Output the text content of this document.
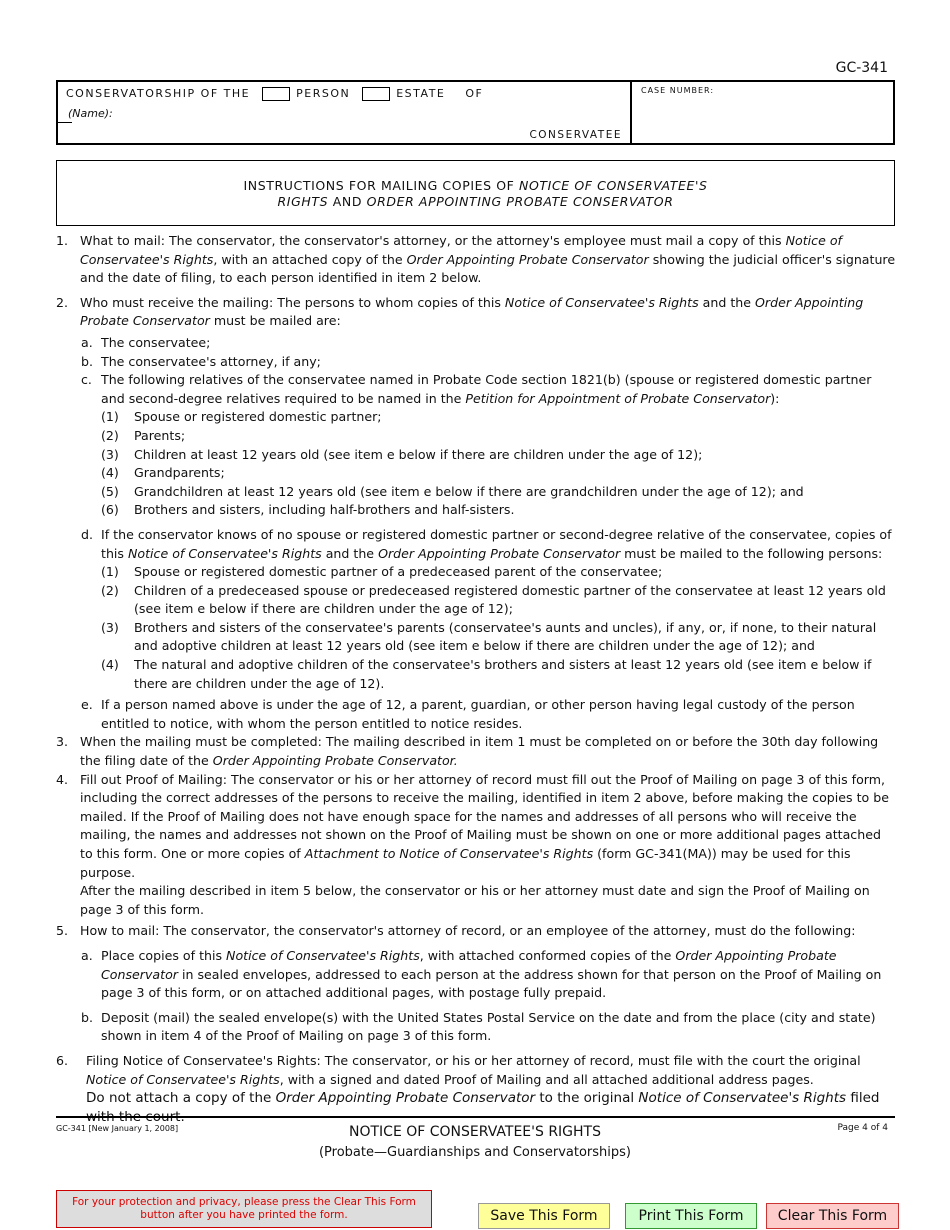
GC-341
CONSERVATORSHIP OF THE	PERSON	ESTATE OF
(Name):
CONSERVATEE
CASE NUMBER:
INSTRUCTIONS FOR MAILING COPIES OF NOTICE OF CONSERVATEE'S
RIGHTS AND ORDER APPOINTING PROBATE CONSERVATOR
1. What to mail: The conservator, the conservator's attorney, or the attorney's employee must mail a copy of this Notice of Conservatee's Rights, with an attached copy of the Order Appointing Probate Conservator showing the judicial officer's signature and the date of filing, to each person identified in item 2 below.
2. Who must receive the mailing: The persons to whom copies of this Notice of Conservatee's Rights and the Order Appointing Probate Conservator must be mailed are:
a. The conservatee;
b. The conservatee's attorney, if any;
c. The following relatives of the conservatee named in Probate Code section 1821(b) (spouse or registered domestic partner and second-degree relatives required to be named in the Petition for Appointment of Probate Conservator):
(1) Spouse or registered domestic partner;
(2) Parents;
(3) Children at least 12 years old (see item e below if there are children under the age of 12);
(4) Grandparents;
(5) Grandchildren at least 12 years old (see item e below if there are grandchildren under the age of 12); and
(6) Brothers and sisters, including half-brothers and half-sisters.
d. If the conservator knows of no spouse or registered domestic partner or second-degree relative of the conservatee, copies of this Notice of Conservatee's Rights and the Order Appointing Probate Conservator must be mailed to the following persons:
(1) Spouse or registered domestic partner of a predeceased parent of the conservatee;
(2) Children of a predeceased spouse or predeceased registered domestic partner of the conservatee at least 12 years old (see item e below if there are children under the age of 12);
(3) Brothers and sisters of the conservatee's parents (conservatee's aunts and uncles), if any, or, if none, to their natural and adoptive children at least 12 years old (see item e below if there are children under the age of 12); and
(4) The natural and adoptive children of the conservatee's brothers and sisters at least 12 years old (see item e below if there are children under the age of 12).
e. If a person named above is under the age of 12, a parent, guardian, or other person having legal custody of the person entitled to notice, with whom the person entitled to notice resides.
3. When the mailing must be completed: The mailing described in item 1 must be completed on or before the 30th day following the filing date of the Order Appointing Probate Conservator.
4. Fill out Proof of Mailing: The conservator or his or her attorney of record must fill out the Proof of Mailing on page 3 of this form, including the correct addresses of the persons to receive the mailing, identified in item 2 above, before making the copies to be mailed. If the Proof of Mailing does not have enough space for the names and addresses of all persons who will receive the mailing, the names and addresses not shown on the Proof of Mailing must be shown on one or more additional pages attached to this form. One or more copies of Attachment to Notice of Conservatee's Rights (form GC-341(MA)) may be used for this purpose.
After the mailing described in item 5 below, the conservator or his or her attorney must date and sign the Proof of Mailing on page 3 of this form.
5. How to mail: The conservator, the conservator's attorney of record, or an employee of the attorney, must do the following:
a. Place copies of this Notice of Conservatee's Rights, with attached conformed copies of the Order Appointing Probate Conservator in sealed envelopes, addressed to each person at the address shown for that person on the Proof of Mailing on page 3 of this form, or on attached additional pages, with postage fully prepaid.
b. Deposit (mail) the sealed envelope(s) with the United States Postal Service on the date and from the place (city and state) shown in item 4 of the Proof of Mailing on page 3 of this form.
6. Filing Notice of Conservatee's Rights: The conservator, or his or her attorney of record, must file with the court the original Notice of Conservatee's Rights, with a signed and dated Proof of Mailing and all attached additional address pages.
Do not attach a copy of the Order Appointing Probate Conservator to the original Notice of Conservatee's Rights filed with the court.
GC-341 [New January 1, 2008]	NOTICE OF CONSERVATEE'S RIGHTS
(Probate—Guardianships and Conservatorships)
Page 4 of 4
For your protection and privacy, please press the Clear This Form button after you have printed the form.	Save This Form	Print This Form	Clear This Form
